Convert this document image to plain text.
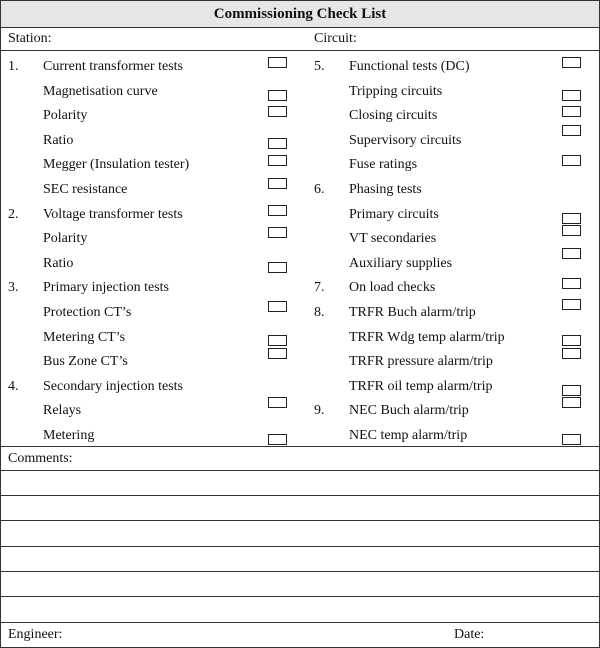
Commissioning Check List
Station:	Circuit:
1. Current transformer tests
Magnetisation curve
Polarity
Ratio
Megger (Insulation tester)
SEC resistance
2. Voltage transformer tests
Polarity
Ratio
3. Primary injection tests
Protection CT’s
Metering CT’s
Bus Zone CT’s
4. Secondary injection tests
Relays
Metering
5. Functional tests (DC)
Tripping circuits
Closing circuits
Supervisory circuits
Fuse ratings
6. Phasing tests
Primary circuits
VT secondaries
Auxiliary supplies
7. On load checks
8. TRFR Buch alarm/trip
TRFR Wdg temp alarm/trip
TRFR pressure alarm/trip
TRFR oil temp alarm/trip
9. NEC Buch alarm/trip
NEC temp alarm/trip
Comments:
Engineer:	Date:
